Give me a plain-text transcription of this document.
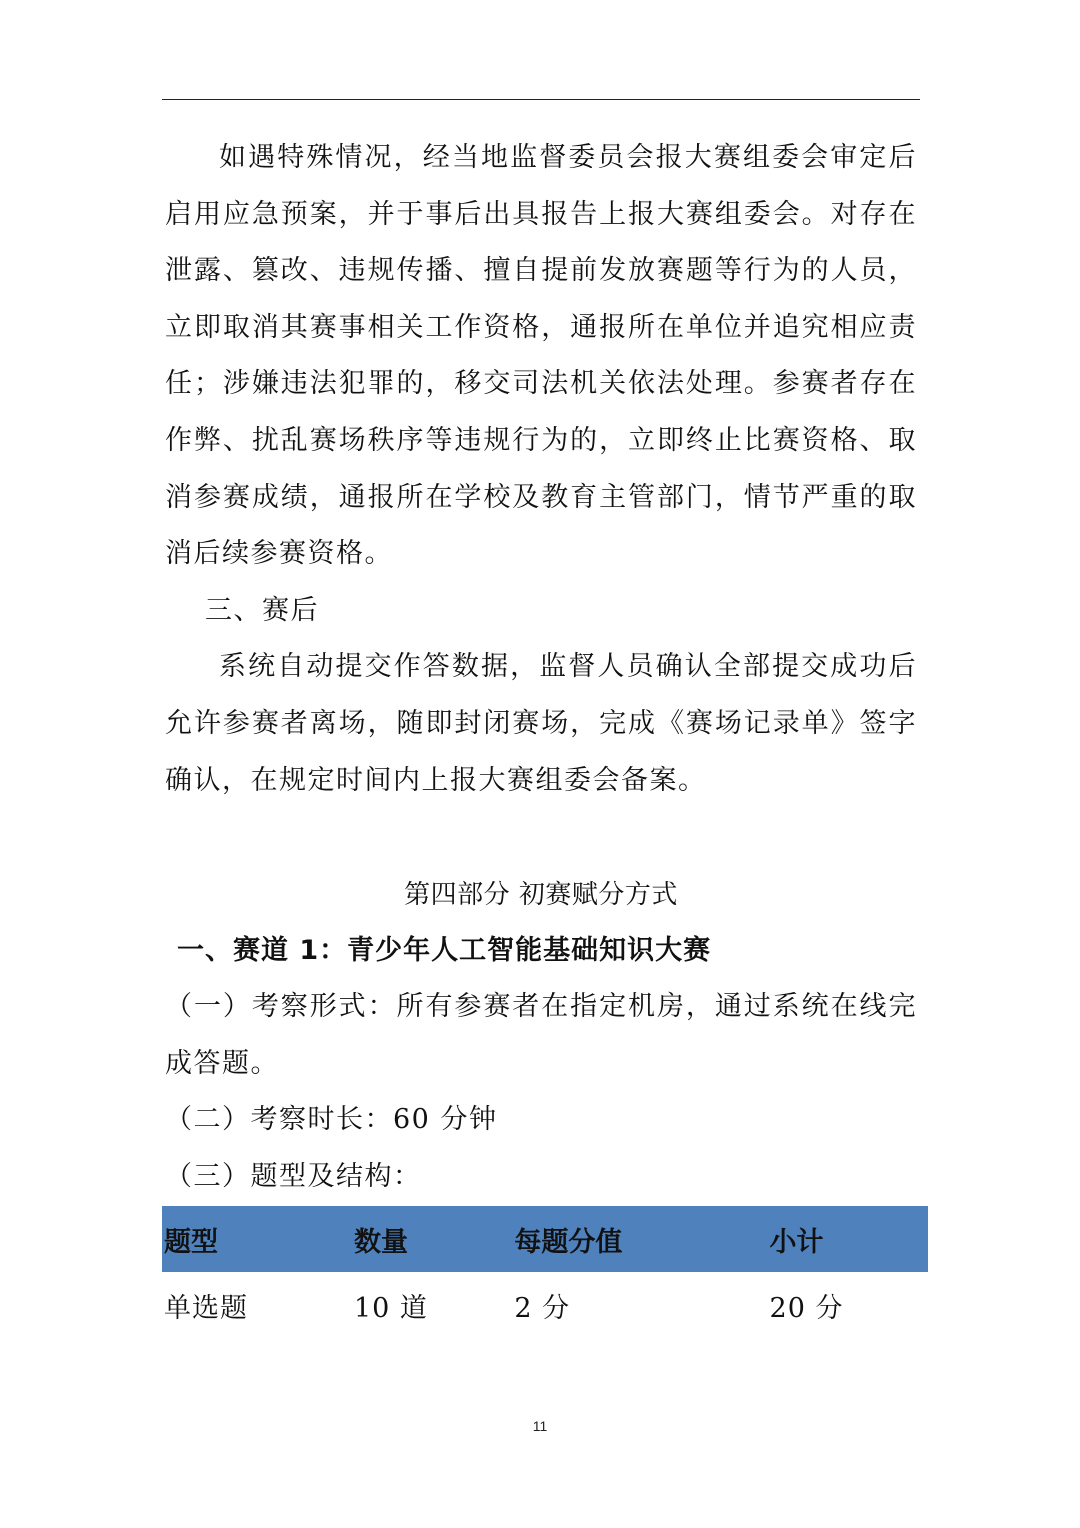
如遇特殊情况，经当地监督委员会报大赛组委会审定后启用应急预案，并于事后出具报告上报大赛组委会。对存在泄露、篡改、违规传播、擅自提前发放赛题等行为的人员，立即取消其赛事相关工作资格，通报所在单位并追究相应责任；涉嫌违法犯罪的，移交司法机关依法处理。参赛者存在作弊、扰乱赛场秩序等违规行为的，立即终止比赛资格、取消参赛成绩，通报所在学校及教育主管部门，情节严重的取消后续参赛资格。

三、赛后

系统自动提交作答数据，监督人员确认全部提交成功后允许参赛者离场，随即封闭赛场，完成《赛场记录单》签字确认，在规定时间内上报大赛组委会备案。

第四部分 初赛赋分方式

一、赛道 1：青少年人工智能基础知识大赛

（一）考察形式：所有参赛者在指定机房，通过系统在线完成答题。

（二）考察时长：60 分钟

（三）题型及结构：

题型	数量	每题分值	小计
单选题	10 道	2 分	20 分
11
